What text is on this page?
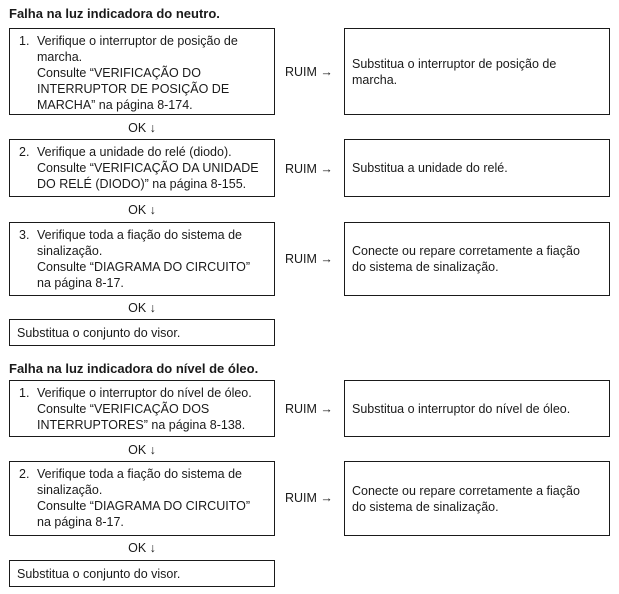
Falha na luz indicadora do neutro.
1. Verifique o interruptor de posição de
marcha.
Consulte “VERIFICAÇÃO DO
INTERRUPTOR DE POSIÇÃO DE
MARCHA” na página 8-174.
RUIM →
Substitua o interruptor de posição de
marcha.
OK ↓
2. Verifique a unidade do relé (diodo).
Consulte “VERIFICAÇÃO DA UNIDADE
DO RELÉ (DIODO)” na página 8-155.
RUIM →	Substitua a unidade do relé.
OK ↓
3. Verifique toda a fiação do sistema de
sinalização.
Consulte “DIAGRAMA DO CIRCUITO”
na página 8-17.
RUIM →
Conecte ou repare corretamente a fiação
do sistema de sinalização.
OK ↓
Substitua o conjunto do visor.
Falha na luz indicadora do nível de óleo.
1. Verifique o interruptor do nível de óleo.
Consulte “VERIFICAÇÃO DOS
INTERRUPTORES” na página 8-138.
RUIM →	Substitua o interruptor do nível de óleo.
OK ↓
2. Verifique toda a fiação do sistema de
sinalização.
Consulte “DIAGRAMA DO CIRCUITO”
na página 8-17.
RUIM →
Conecte ou repare corretamente a fiação
do sistema de sinalização.
OK ↓
Substitua o conjunto do visor.
